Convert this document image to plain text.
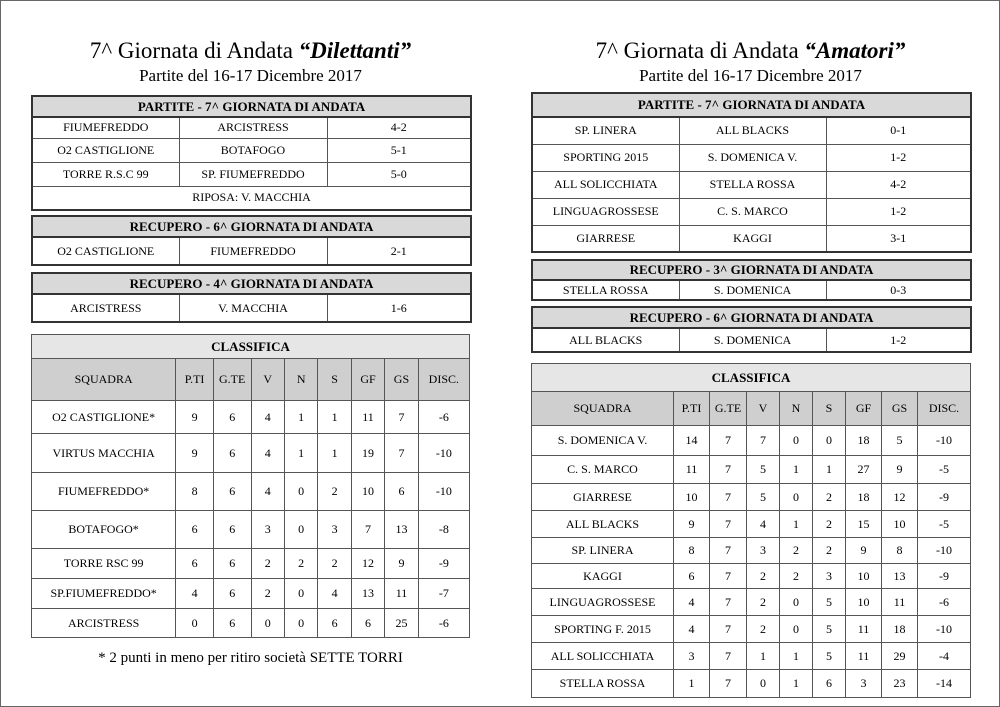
7^ Giornata di Andata “Dilettanti”
Partite del 16-17 Dicembre 2017
PARTITE - 7^ GIORNATA DI ANDATA		
FIUMEFREDDO	ARCISTRESS	4-2
O2 CASTIGLIONE	BOTAFOGO	5-1
TORRE R.S.C 99	SP. FIUMEFREDDO	5-0
RIPOSA: V. MACCHIA		
RECUPERO - 6^ GIORNATA DI ANDATA
O2 CASTIGLIONE	FIUMEFREDDO	2-1
RECUPERO - 4^ GIORNATA DI ANDATA
ARCISTRESS	V. MACCHIA	1-6
CLASSIFICA								
SQUADRA	P.TI	G.TE	V	N	S	GF	GS	DISC.
O2 CASTIGLIONE*	9	6	4	1	1	11	7	-6
VIRTUS MACCHIA	9	6	4	1	1	19	7	-10
FIUMEFREDDO*	8	6	4	0	2	10	6	-10
BOTAFOGO*	6	6	3	0	3	7	13	-8
TORRE RSC 99	6	6	2	2	2	12	9	-9
SP.FIUMEFREDDO*	4	6	2	0	4	13	11	-7
ARCISTRESS	0	6	0	0	6	6	25	-6
* 2 punti in meno per ritiro società SETTE TORRI
7^ Giornata di Andata “Amatori”
Partite del 16-17 Dicembre 2017
PARTITE - 7^ GIORNATA DI ANDATA		
SP. LINERA	ALL BLACKS	0-1
SPORTING 2015	S. DOMENICA V.	1-2
ALL SOLICCHIATA	STELLA ROSSA	4-2
LINGUAGROSSESE	C. S. MARCO	1-2
GIARRESE	KAGGI	3-1
RECUPERO - 3^ GIORNATA DI ANDATA
STELLA ROSSA	S. DOMENICA	0-3
RECUPERO - 6^ GIORNATA DI ANDATA
ALL BLACKS	S. DOMENICA	1-2
CLASSIFICA								
SQUADRA	P.TI	G.TE	V	N	S	GF	GS	DISC.
S. DOMENICA V.	14	7	7	0	0	18	5	-10
C. S. MARCO	11	7	5	1	1	27	9	-5
GIARRESE	10	7	5	0	2	18	12	-9
ALL BLACKS	9	7	4	1	2	15	10	-5
SP. LINERA	8	7	3	2	2	9	8	-10
KAGGI	6	7	2	2	3	10	13	-9
LINGUAGROSSESE	4	7	2	0	5	10	11	-6
SPORTING F. 2015	4	7	2	0	5	11	18	-10
ALL SOLICCHIATA	3	7	1	1	5	11	29	-4
STELLA ROSSA	1	7	0	1	6	3	23	-14
